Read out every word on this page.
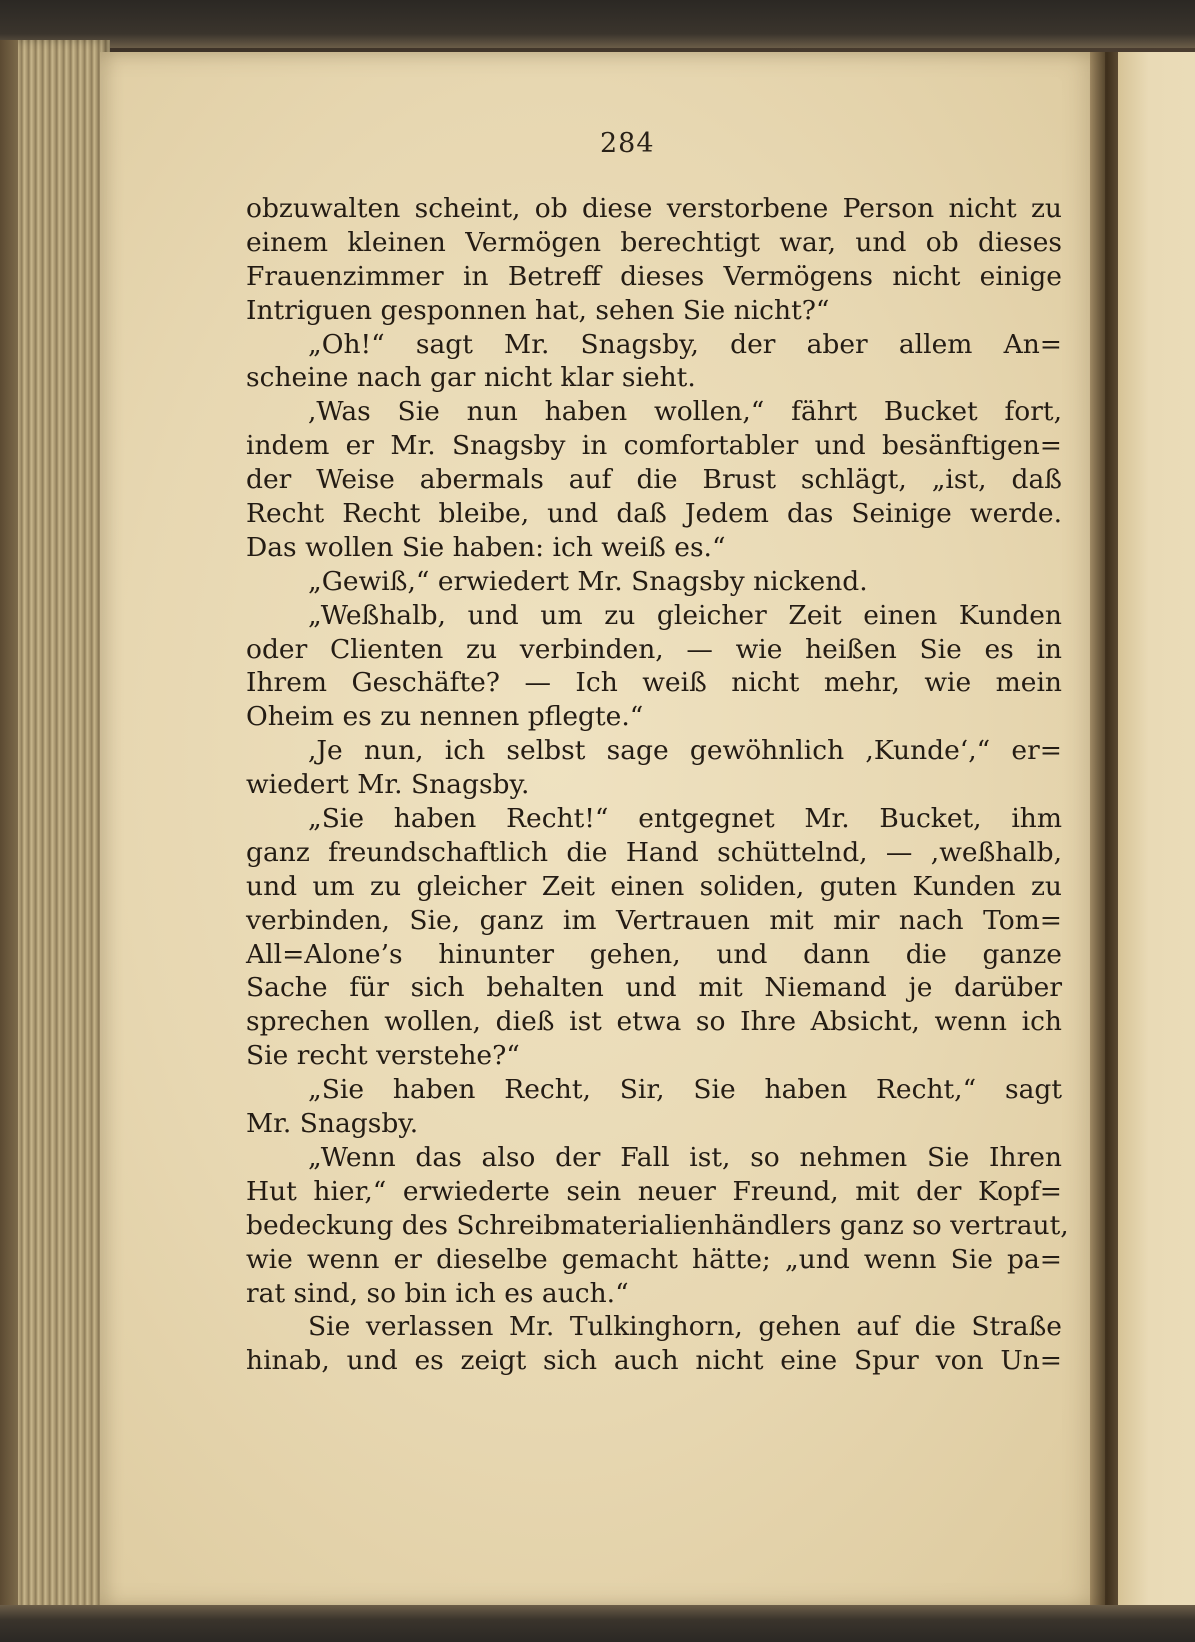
284
obzuwalten scheint, ob diese verstorbene Person nicht zu
einem kleinen Vermögen berechtigt war, und ob dieses
Frauenzimmer in Betreff dieses Vermögens nicht einige
Intriguen gesponnen hat, sehen Sie nicht?“
„Oh!“ sagt Mr. Snagsby, der aber allem An=
scheine nach gar nicht klar sieht.
,Was Sie nun haben wollen,“ fährt Bucket fort,
indem er Mr. Snagsby in comfortabler und besänftigen=
der Weise abermals auf die Brust schlägt, „ist, daß
Recht Recht bleibe, und daß Jedem das Seinige werde.
Das wollen Sie haben: ich weiß es.“
„Gewiß,“ erwiedert Mr. Snagsby nickend.
„Weßhalb, und um zu gleicher Zeit einen Kunden
oder Clienten zu verbinden, — wie heißen Sie es in
Ihrem Geschäfte? — Ich weiß nicht mehr, wie mein
Oheim es zu nennen pflegte.“
,Je nun, ich selbst sage gewöhnlich ,Kunde‘,“ er=
wiedert Mr. Snagsby.
„Sie haben Recht!“ entgegnet Mr. Bucket, ihm
ganz freundschaftlich die Hand schüttelnd, — ,weßhalb,
und um zu gleicher Zeit einen soliden, guten Kunden zu
verbinden, Sie, ganz im Vertrauen mit mir nach Tom=
All=Alone’s hinunter gehen, und dann die ganze
Sache für sich behalten und mit Niemand je darüber
sprechen wollen, dieß ist etwa so Ihre Absicht, wenn ich
Sie recht verstehe?“
„Sie haben Recht, Sir, Sie haben Recht,“ sagt
Mr. Snagsby.
„Wenn das also der Fall ist, so nehmen Sie Ihren
Hut hier,“ erwiederte sein neuer Freund, mit der Kopf=
bedeckung des Schreibmaterialienhändlers ganz so vertraut,
wie wenn er dieselbe gemacht hätte; „und wenn Sie pa=
rat sind, so bin ich es auch.“
Sie verlassen Mr. Tulkinghorn, gehen auf die Straße
hinab, und es zeigt sich auch nicht eine Spur von Un=
